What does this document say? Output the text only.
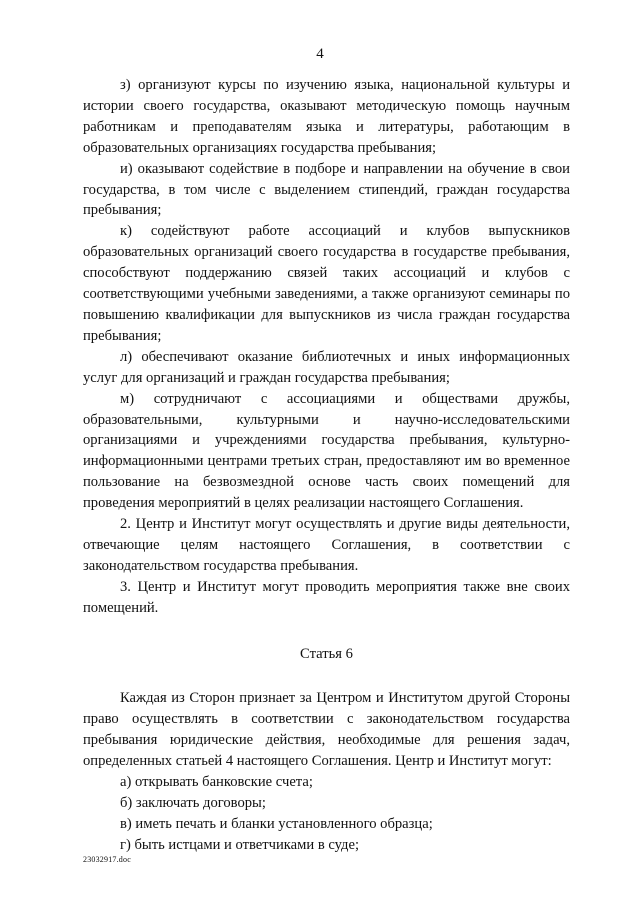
4

з) организуют курсы по изучению языка, национальной культуры и истории своего государства, оказывают методическую помощь научным работникам и преподавателям языка и литературы, работающим в образовательных организациях государства пребывания;

и) оказывают содействие в подборе и направлении на обучение в свои государства, в том числе с выделением стипендий, граждан государства пребывания;

к) содействуют работе ассоциаций и клубов выпускников образовательных организаций своего государства в государстве пребывания, способствуют поддержанию связей таких ассоциаций и клубов с соответствующими учебными заведениями, а также организуют семинары по повышению квалификации для выпускников из числа граждан государства пребывания;

л) обеспечивают оказание библиотечных и иных информационных услуг для организаций и граждан государства пребывания;

м) сотрудничают с ассоциациями и обществами дружбы, образовательными, культурными и научно-исследовательскими организациями и учреждениями государства пребывания, культурно-информационными центрами третьих стран, предоставляют им во временное пользование на безвозмездной основе часть своих помещений для проведения мероприятий в целях реализации настоящего Соглашения.

2. Центр и Институт могут осуществлять и другие виды деятельности, отвечающие целям настоящего Соглашения, в соответствии с законодательством государства пребывания.

3. Центр и Институт могут проводить мероприятия также вне своих помещений.

Статья 6

Каждая из Сторон признает за Центром и Институтом другой Стороны право осуществлять в соответствии с законодательством государства пребывания юридические действия, необходимые для решения задач, определенных статьей 4 настоящего Соглашения. Центр и Институт могут:

а) открывать банковские счета;

б) заключать договоры;

в) иметь печать и бланки установленного образца;

г) быть истцами и ответчиками в суде;

23032917.doc
